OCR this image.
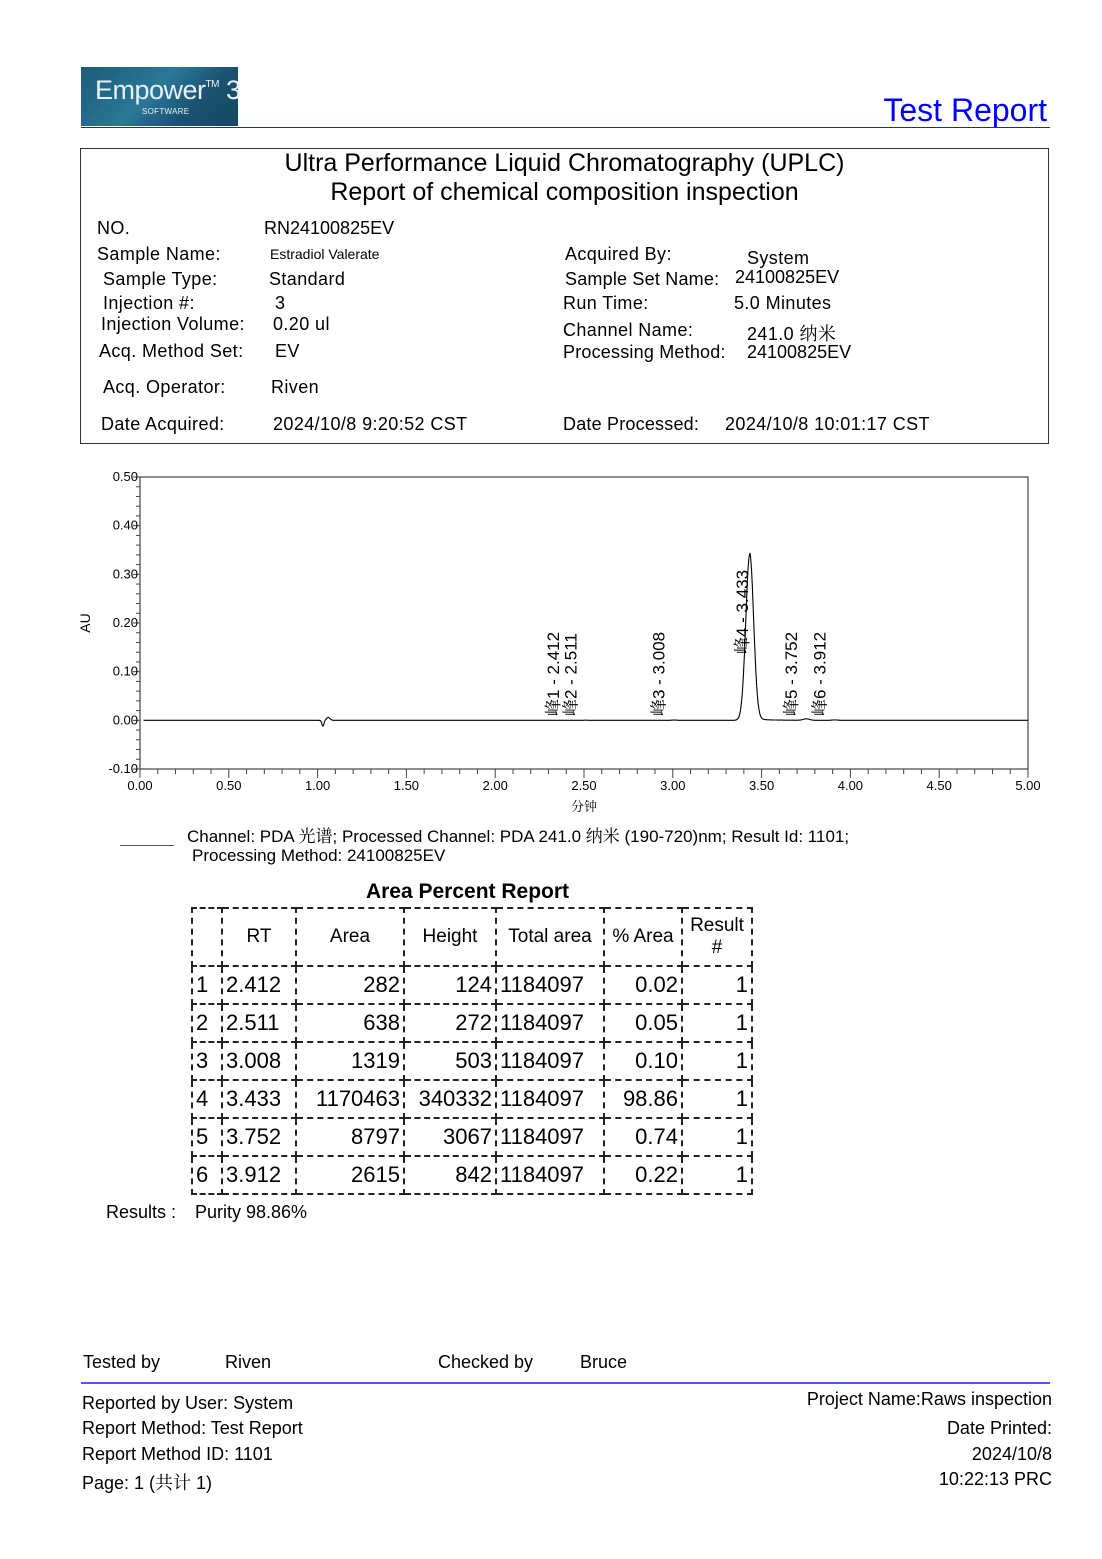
Empower™ 3
SOFTWARE	Test Report
Ultra Performance Liquid Chromatography (UPLC)
Report of chemical composition inspection
NO.	RN24100825EV
Sample Name:	Estradiol Valerate
Sample Type:	Standard
Injection #:	3
Injection Volume: 0.20 ul
Acq. Method Set: EV
Acq. Operator:	Riven
Date Acquired:	2024/10/8 9:20:52 CST
Acquired By:	System
Sample Set Name: 24100825EV
Run Time:	5.0 Minutes
Channel Name:	241.0 纳米
Processing Method: 24100825EV
Date Processed: 2024/10/8 10:01:17 CST
-0.10
0.00
0.10
0.20
0.30
0.40
0.50
0.00	0.50	1.00	1.50	2.00	2.50	3.00	3.50	4.00	4.50	5.00
AU
分钟
峰1 - 2.412
峰2 - 2.511	峰3 - 3.008
峰4 - 3.433
峰5 - 3.752 峰6 - 3.912
Channel: PDA 光谱; Processed Channel: PDA 241.0 纳米 (190-720)nm; Result Id: 1101;
Processing Method: 24100825EV
Area Percent Report
	RT	Area	Height	Total area	% Area	Result #
1	2.412	282	124	1184097	0.02	1
2	2.511	638	272	1184097	0.05	1
3	3.008	1319	503	1184097	0.10	1
4	3.433	1170463	340332	1184097	98.86	1
5	3.752	8797	3067	1184097	0.74	1
6	3.912	2615	842	1184097	0.22	1
Results : Purity 98.86%
Tested by	Riven	Checked by	Bruce
Reported by User: System
Report Method: Test Report
Report Method ID: 1101
Page: 1 (共计 1)
Project Name:Raws inspection
Date Printed:
2024/10/8
10:22:13 PRC
